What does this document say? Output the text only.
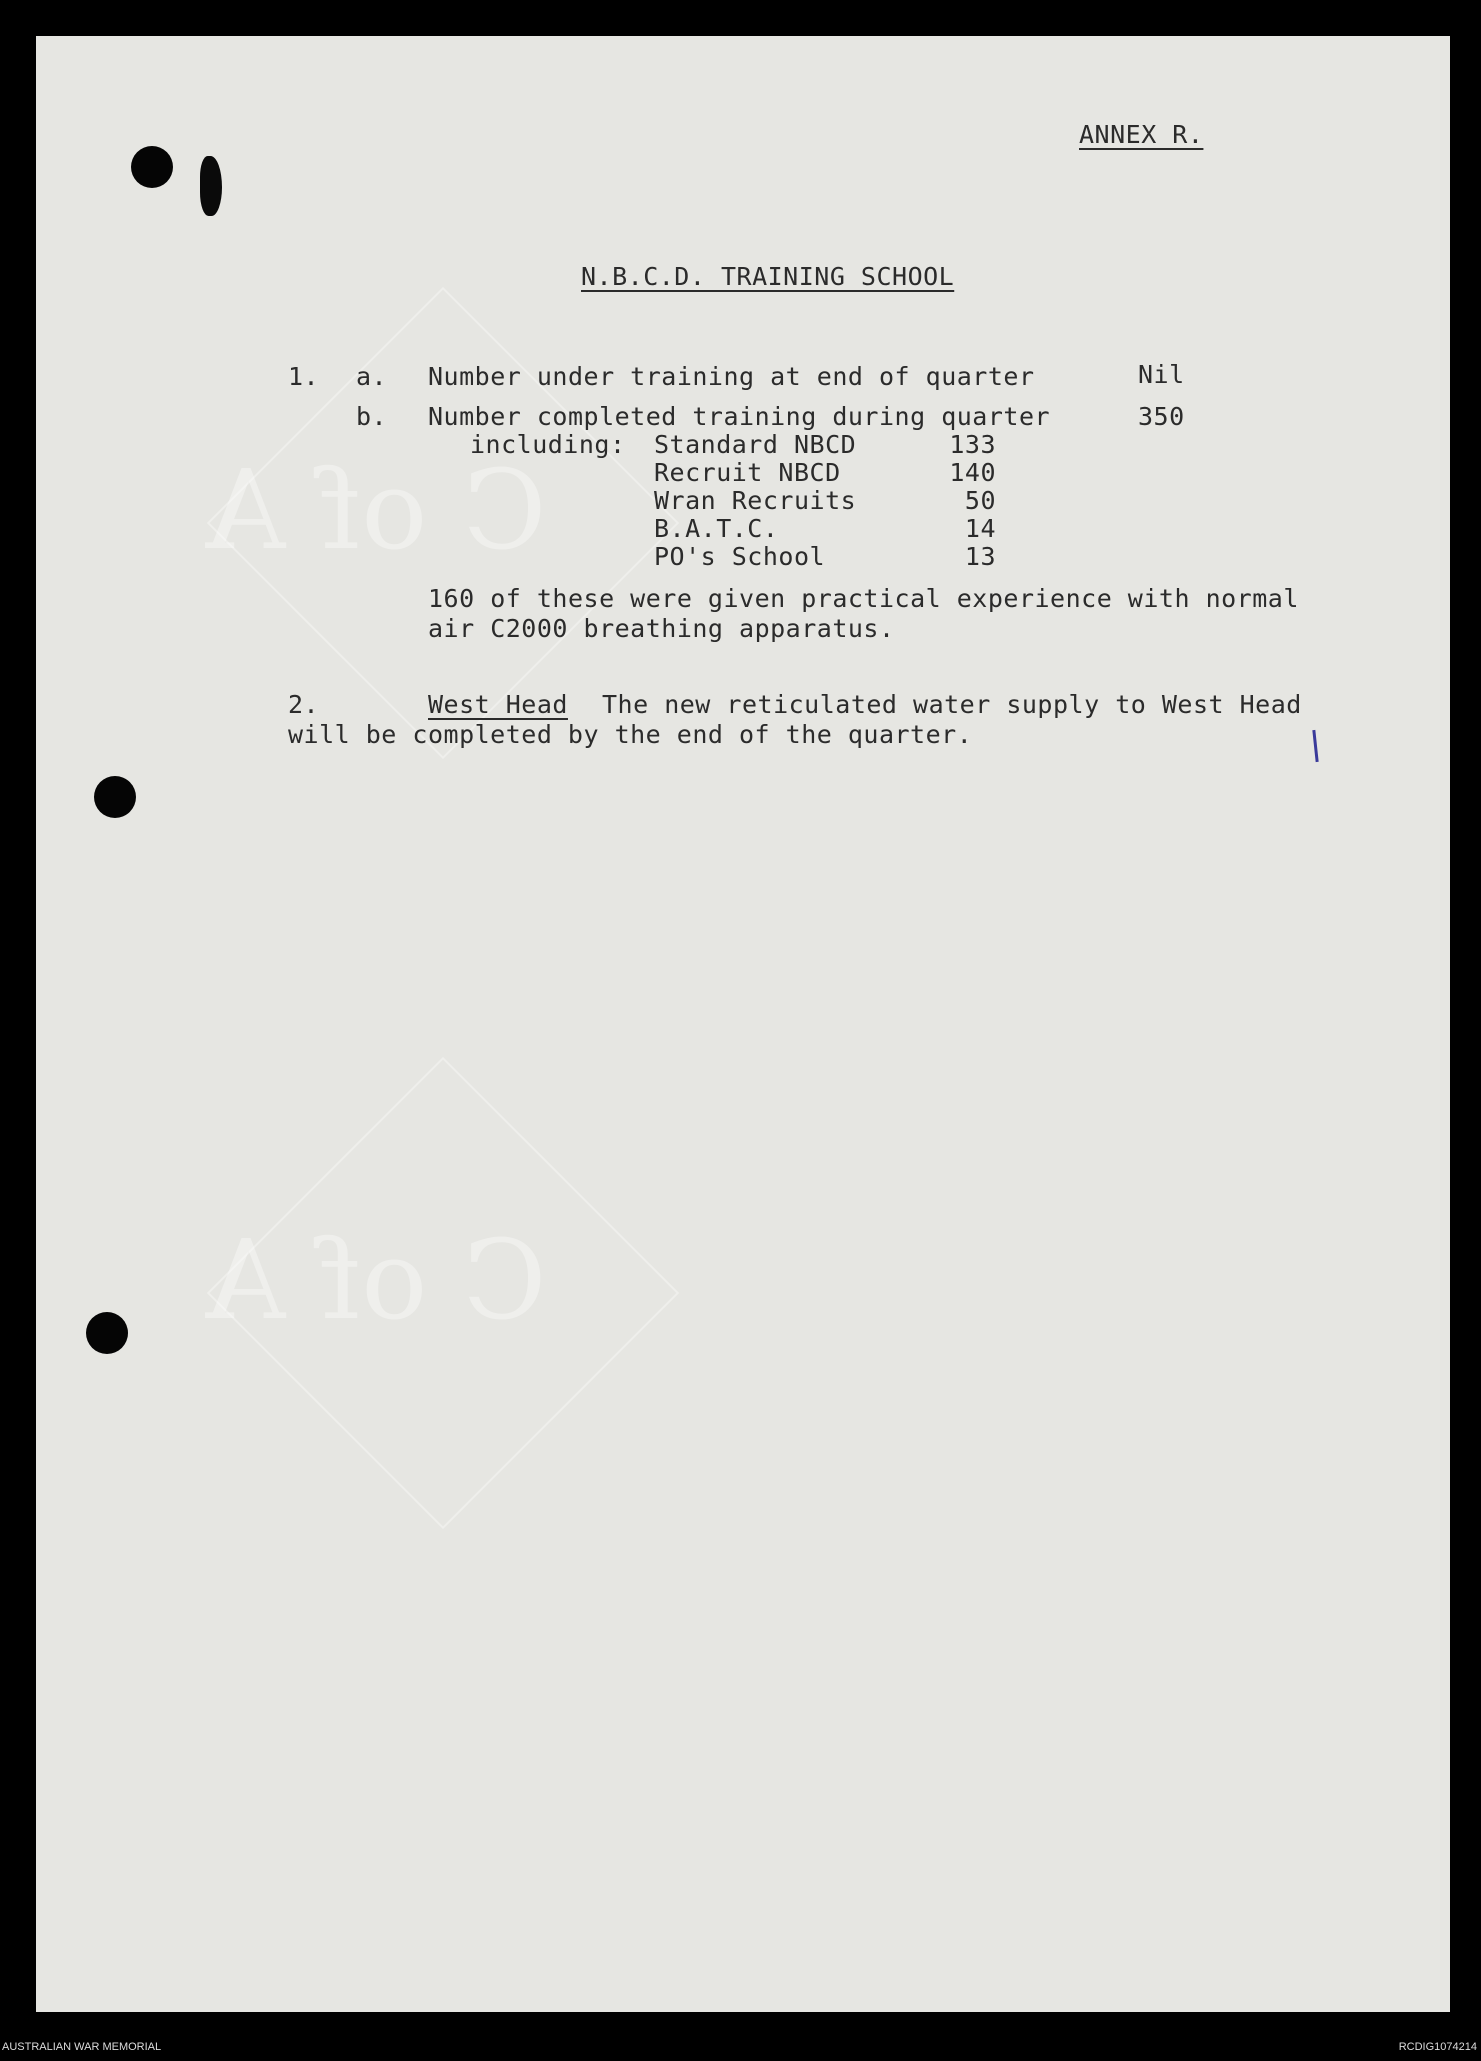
C of A
C of A
ANNEX R.
N.B.C.D. TRAINING SCHOOL
1. a. Number under training at end of quarter	Nil
b. Number completed training during quarter	350
including: Standard NBCD	133
Recruit NBCD	140
Wran Recruits	50
B.A.T.C.	14
PO's School	13
160 of these were given practical experience with normal
air C2000 breathing apparatus.
2.	West Head The new reticulated water supply to West Head
will be completed by the end of the quarter.
AUSTRALIAN WAR MEMORIAL	RCDIG1074214
